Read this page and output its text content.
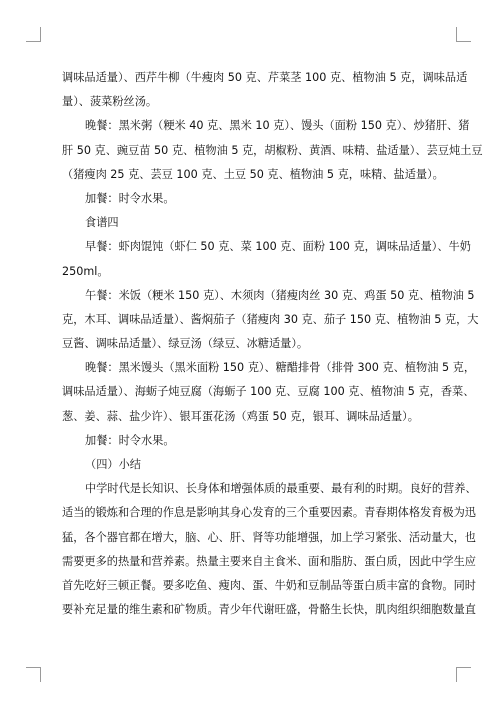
调味品适量）、西芹牛柳（牛瘦肉 50 克、芹菜茎 100 克、植物油 5 克，调味品适
量）、菠菜粉丝汤。
晚餐：黑米粥（粳米 40 克、黑米 10 克）、馒头（面粉 150 克）、炒猪肝、猪
肝 50 克、豌豆苗 50 克、植物油 5 克，胡椒粉、黄酒、味精、盐适量）、芸豆炖土豆
（猪瘦肉 25 克、芸豆 100 克、土豆 50 克、植物油 5 克，味精、盐适量）。
加餐：时令水果。
食谱四
早餐：虾肉馄饨（虾仁 50 克、菜 100 克、面粉 100 克，调味品适量）、牛奶
250ml。
午餐：米饭（粳米 150 克）、木须肉（猪瘦肉丝 30 克、鸡蛋 50 克、植物油 5
克，木耳、调味品适量）、酱焖茄子（猪瘦肉 30 克、茄子 150 克、植物油 5 克，大
豆酱、调味品适量）、绿豆汤（绿豆、冰糖适量）。
晚餐：黑米馒头（黑米面粉 150 克）、糖醋排骨（排骨 300 克、植物油 5 克，
调味品适量）、海蛎子炖豆腐（海蛎子 100 克、豆腐 100 克、植物油 5 克，香菜、
葱、姜、蒜、盐少许）、银耳蛋花汤（鸡蛋 50 克，银耳、调味品适量）。
加餐：时令水果。
（四）小结
中学时代是长知识、长身体和增强体质的最重要、最有利的时期。良好的营养、
适当的锻炼和合理的作息是影响其身心发育的三个重要因素。青春期体格发育极为迅
猛，各个器官都在增大，脑、心、肝、肾等功能增强，加上学习紧张、活动量大，也
需要更多的热量和营养素。热量主要来自主食米、面和脂肪、蛋白质，因此中学生应
首先吃好三顿正餐。要多吃鱼、瘦肉、蛋、牛奶和豆制品等蛋白质丰富的食物。同时
要补充足量的维生素和矿物质。青少年代谢旺盛，骨骼生长快，肌肉组织细胞数量直
